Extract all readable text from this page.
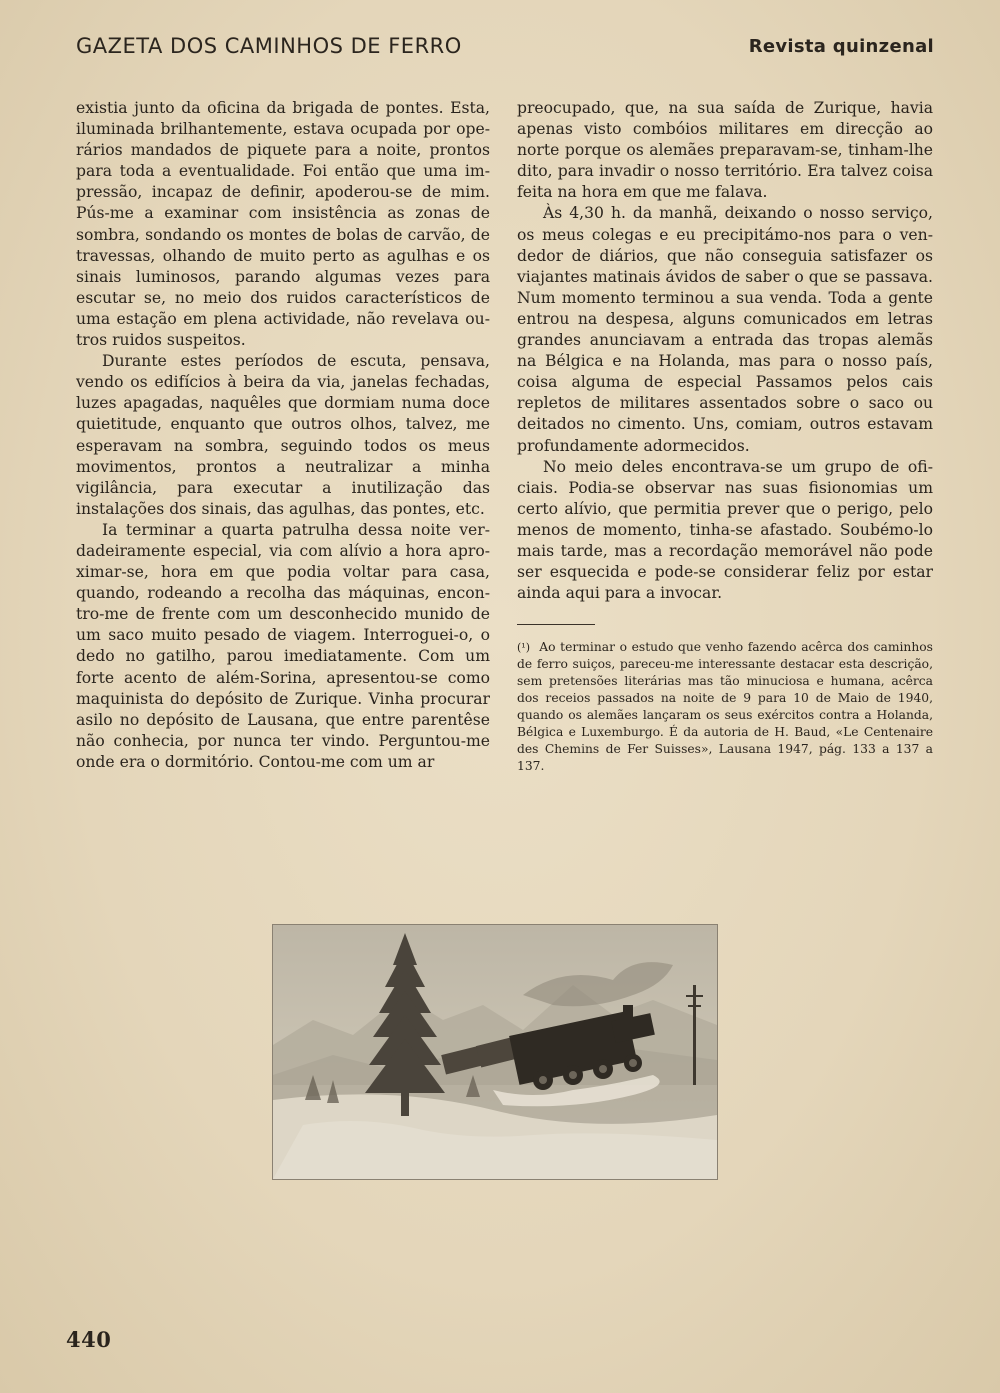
GAZETA DOS CAMINHOS DE FERRO	Revista quinzenal

existia junto da oficina da brigada de pontes. Esta, iluminada brilhantemente, estava ocupada por operários mandados de piquete para a noite, prontos para toda a eventualidade. Foi então que uma impressão, incapaz de definir, apoderou-se de mim. Pús-me a examinar com insistência as zonas de sombra, sondando os montes de bolas de carvão, de travessas, olhando de muito perto as agulhas e os sinais luminosos, parando algumas vezes para escutar se, no meio dos ruidos característicos de uma estação em plena actividade, não revelava outros ruidos suspeitos.

Durante estes períodos de escuta, pensava, vendo os edifícios à beira da via, janelas fechadas, luzes apagadas, naquêles que dormiam numa doce quietitude, enquanto que outros olhos, talvez, me esperavam na sombra, seguindo todos os meus movimentos, prontos a neutralizar a minha vigilância, para executar a inutilização das instalações dos sinais, das agulhas, das pontes, etc.

Ia terminar a quarta patrulha dessa noite verdadeiramente especial, via com alívio a hora aproximar-se, hora em que podia voltar para casa, quando, rodeando a recolha das máquinas, encontro-me de frente com um desconhecido munido de um saco muito pesado de viagem. Interroguei-o, o dedo no gatilho, parou imediatamente. Com um forte acento de além-Sorina, apresentou-se como maquinista do depósito de Zurique. Vinha procurar asilo no depósito de Lausana, que entre parentêse não conhecia, por nunca ter vindo. Perguntou-me onde era o dormitório. Contou-me com um ar

preocupado, que, na sua saída de Zurique, havia apenas visto combóios militares em direcção ao norte porque os alemães preparavam-se, tinham-lhe dito, para invadir o nosso território. Era talvez coisa feita na hora em que me falava.

Às 4,30 h. da manhã, deixando o nosso serviço, os meus colegas e eu precipitámo-nos para o vendedor de diários, que não conseguia satisfazer os viajantes matinais ávidos de saber o que se passava. Num momento terminou a sua venda. Toda a gente entrou na despesa, alguns comunicados em letras grandes anunciavam a entrada das tropas alemãs na Bélgica e na Holanda, mas para o nosso país, coisa alguma de especial Passamos pelos cais repletos de militares assentados sobre o saco ou deitados no cimento. Uns, comiam, outros estavam profundamente adormecidos.

No meio deles encontrava-se um grupo de oficiais. Podia-se observar nas suas fisionomias um certo alívio, que permitia prever que o perigo, pelo menos de momento, tinha-se afastado. Soubémo-lo mais tarde, mas a recordação memorável não pode ser esquecida e pode-se considerar feliz por estar ainda aqui para a invocar.

(¹) Ao terminar o estudo que venho fazendo acêrca dos caminhos de ferro suiços, pareceu-me interessante destacar esta descrição, sem pretensões literárias mas tão minuciosa e humana, acêrca dos receios passados na noite de 9 para 10 de Maio de 1940, quando os alemães lançaram os seus exércitos contra a Holanda, Bélgica e Luxemburgo. É da autoria de H. Baud, «Le Centenaire des Chemins de Fer Suisses», Lausana 1947, pág. 133 a 137 a 137.

440
